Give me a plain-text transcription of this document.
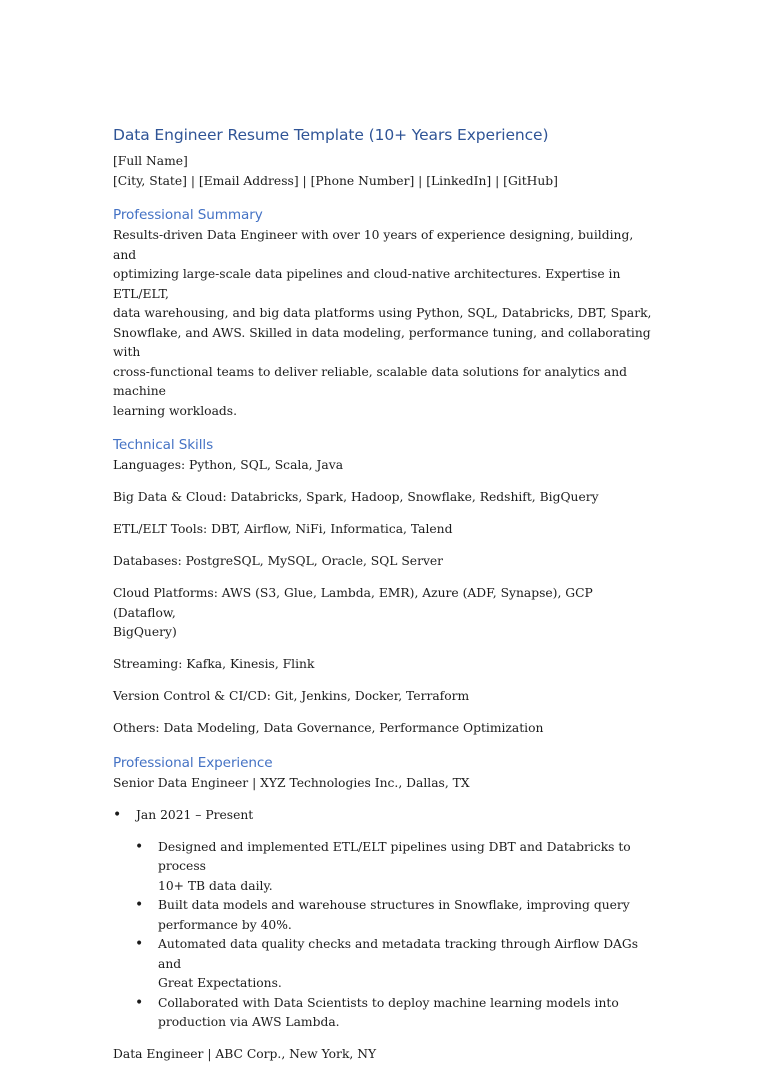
Data Engineer Resume Template (10+ Years Experience)

[Full Name]

[City, State] | [Email Address] | [Phone Number] | [LinkedIn] | [GitHub]

Professional Summary

Results-driven Data Engineer with over 10 years of experience designing, building, and

optimizing large-scale data pipelines and cloud-native architectures. Expertise in ETL/ELT,

data warehousing, and big data platforms using Python, SQL, Databricks, DBT, Spark,

Snowflake, and AWS. Skilled in data modeling, performance tuning, and collaborating with

cross-functional teams to deliver reliable, scalable data solutions for analytics and machine

learning workloads.

Technical Skills

Languages: Python, SQL, Scala, Java

Big Data & Cloud: Databricks, Spark, Hadoop, Snowflake, Redshift, BigQuery

ETL/ELT Tools: DBT, Airflow, NiFi, Informatica, Talend

Databases: PostgreSQL, MySQL, Oracle, SQL Server

Cloud Platforms: AWS (S3, Glue, Lambda, EMR), Azure (ADF, Synapse), GCP (Dataflow,

BigQuery)

Streaming: Kafka, Kinesis, Flink

Version Control & CI/CD: Git, Jenkins, Docker, Terraform

Others: Data Modeling, Data Governance, Performance Optimization

Professional Experience

Senior Data Engineer | XYZ Technologies Inc., Dallas, TX

• Jan 2021 – Present
• Designed and implemented ETL/ELT pipelines using DBT and Databricks to process
10+ TB data daily.
• Built data models and warehouse structures in Snowflake, improving query
performance by 40%.
• Automated data quality checks and metadata tracking through Airflow DAGs and
Great Expectations.
• Collaborated with Data Scientists to deploy machine learning models into
production via AWS Lambda.

Data Engineer | ABC Corp., New York, NY
